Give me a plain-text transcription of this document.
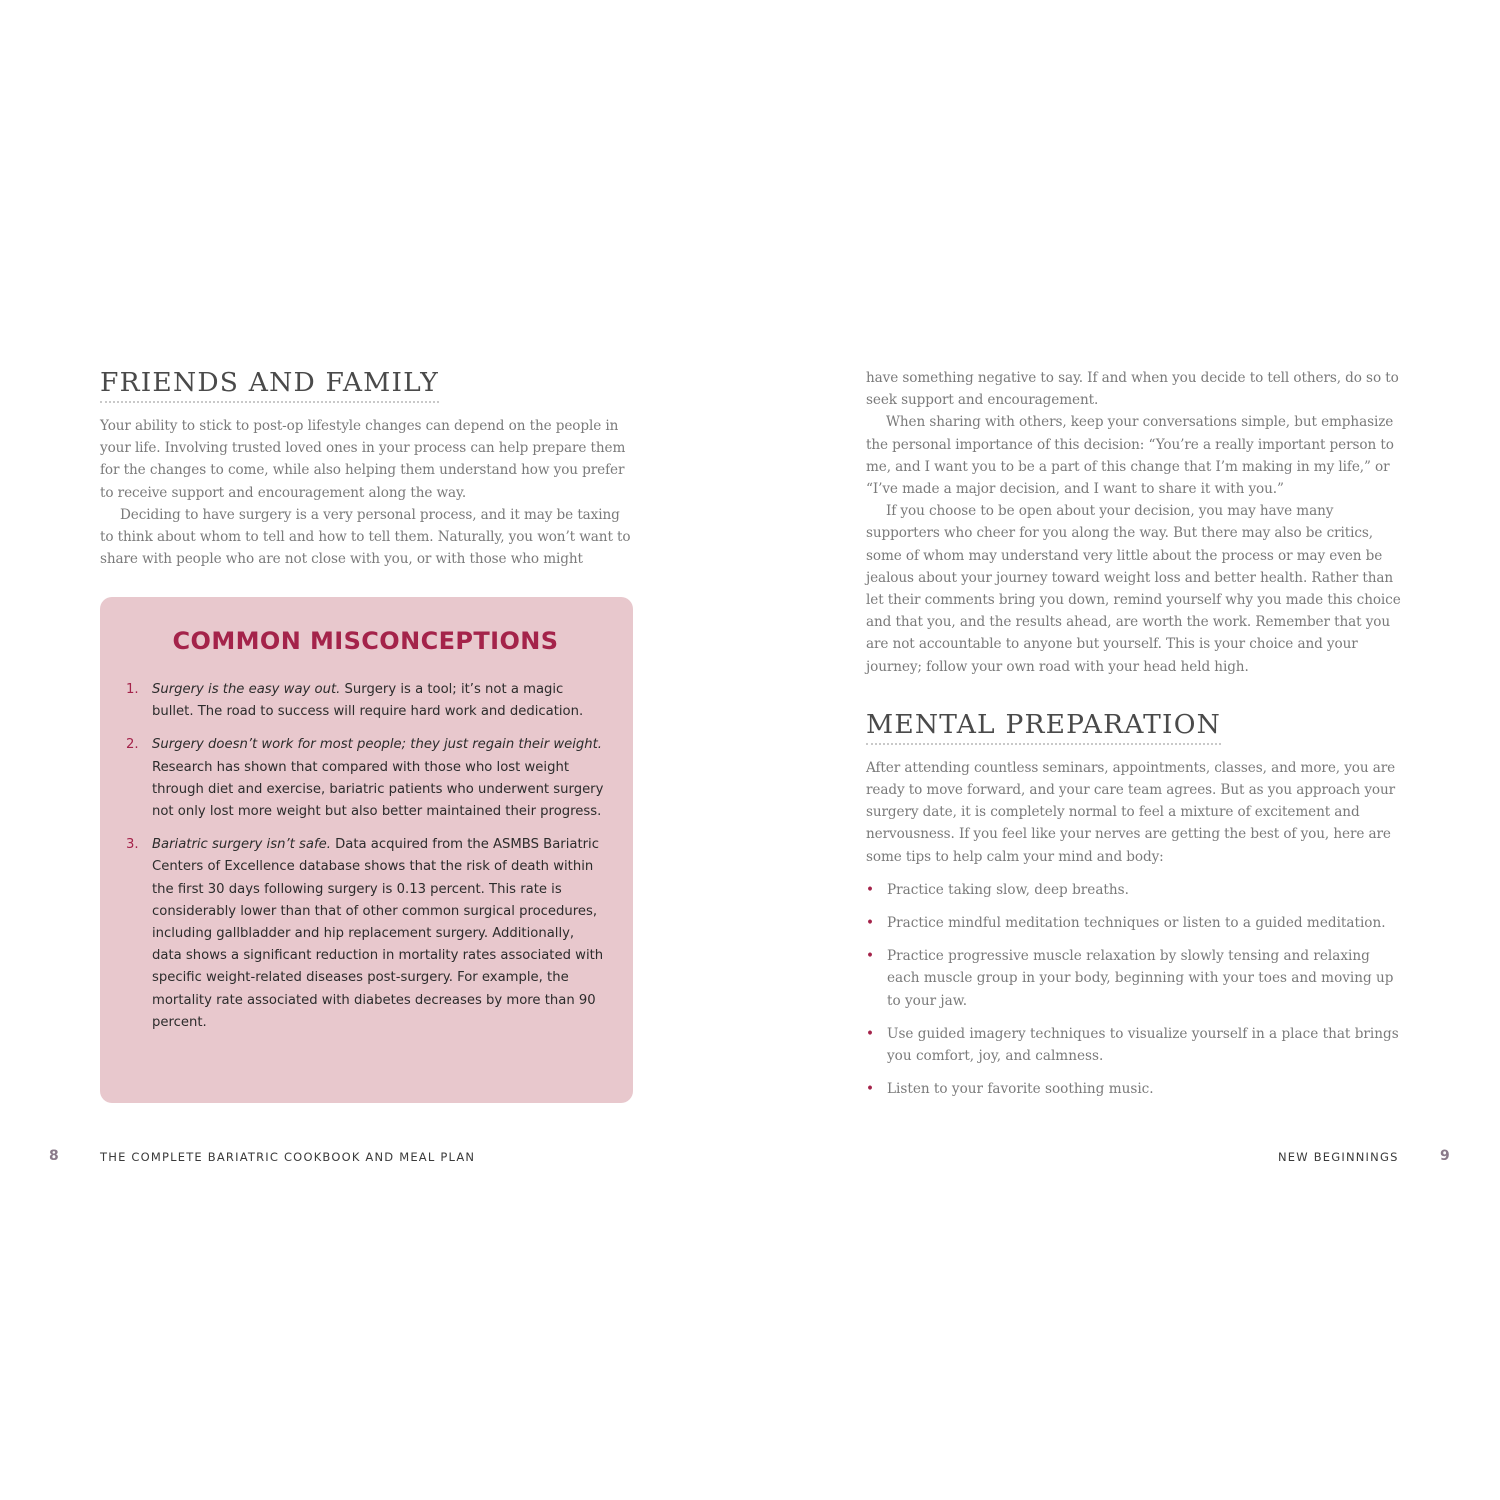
FRIENDS AND FAMILY

Your ability to stick to post-op lifestyle changes can depend on the people in your life. Involving trusted loved ones in your process can help prepare them for the changes to come, while also helping them understand how you prefer to receive support and encouragement along the way.

Deciding to have surgery is a very personal process, and it may be taxing to think about whom to tell and how to tell them. Naturally, you won’t want to share with people who are not close with you, or with those who might

COMMON MISCONCEPTIONS
1. Surgery is the easy way out. Surgery is a tool; it’s not a magic bullet. The road to success will require hard work and dedication.
2. Surgery doesn’t work for most people; they just regain their weight. Research has shown that compared with those who lost weight through diet and exercise, bariatric patients who underwent surgery not only lost more weight but also better maintained their progress.
3. Bariatric surgery isn’t safe. Data acquired from the ASMBS Bariatric Centers of Excellence database shows that the risk of death within the first 30 days following surgery is 0.13 percent. This rate is considerably lower than that of other common surgical procedures, including gallbladder and hip replacement surgery. Additionally, data shows a significant reduction in mortality rates associated with specific weight-related diseases post-surgery. For example, the mortality rate associated with diabetes decreases by more than 90 percent.

have something negative to say. If and when you decide to tell others, do so to seek support and encouragement.

When sharing with others, keep your conversations simple, but emphasize the personal importance of this decision: “You’re a really important person to me, and I want you to be a part of this change that I’m making in my life,” or “I’ve made a major decision, and I want to share it with you.”

If you choose to be open about your decision, you may have many supporters who cheer for you along the way. But there may also be critics, some of whom may understand very little about the process or may even be jealous about your journey toward weight loss and better health. Rather than let their comments bring you down, remind yourself why you made this choice and that you, and the results ahead, are worth the work. Remember that you are not accountable to anyone but yourself. This is your choice and your journey; follow your own road with your head held high.

MENTAL PREPARATION

After attending countless seminars, appointments, classes, and more, you are ready to move forward, and your care team agrees. But as you approach your surgery date, it is completely normal to feel a mixture of excitement and nervousness. If you feel like your nerves are getting the best of you, here are some tips to help calm your mind and body:

• Practice taking slow, deep breaths.
• Practice mindful meditation techniques or listen to a guided meditation.
• Practice progressive muscle relaxation by slowly tensing and relaxing each muscle group in your body, beginning with your toes and moving up to your jaw.
• Use guided imagery techniques to visualize yourself in a place that brings you comfort, joy, and calmness.
• Listen to your favorite soothing music.
8	THE COMPLETE BARIATRIC COOKBOOK AND MEAL PLAN	NEW BEGINNINGS	9
